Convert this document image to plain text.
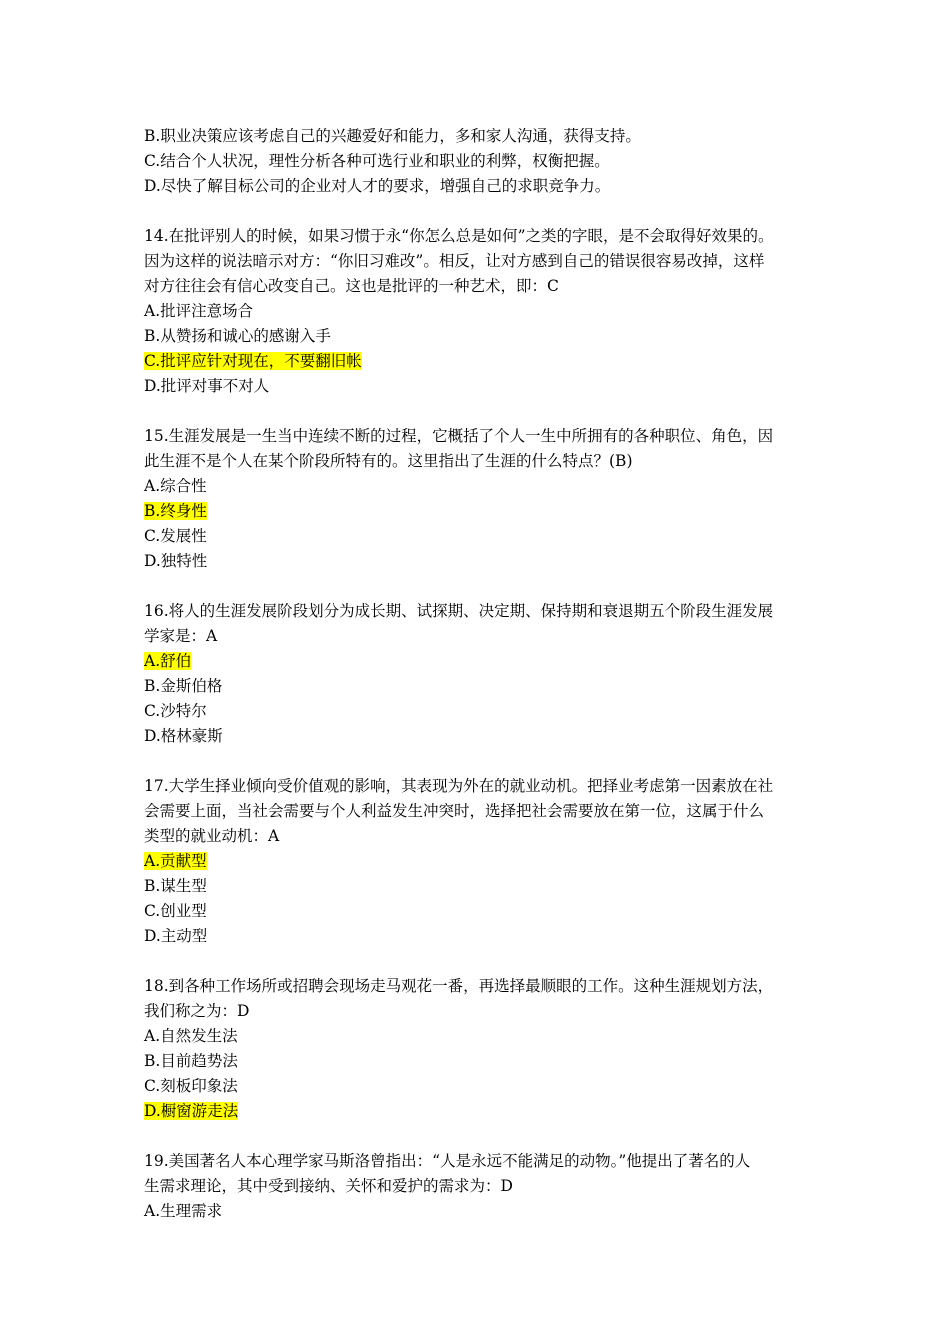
B.职业决策应该考虑自己的兴趣爱好和能力，多和家人沟通，获得支持。
C.结合个人状况，理性分析各种可选行业和职业的利弊，权衡把握。
D.尽快了解目标公司的企业对人才的要求，增强自己的求职竞争力。
14.在批评别人的时候，如果习惯于永“你怎么总是如何”之类的字眼，是不会取得好效果的。
因为这样的说法暗示对方：“你旧习难改”。相反，让对方感到自己的错误很容易改掉，这样
对方往往会有信心改变自己。这也是批评的一种艺术，即：C
A.批评注意场合
B.从赞扬和诚心的感谢入手
C.批评应针对现在，不要翻旧帐
D.批评对事不对人
15.生涯发展是一生当中连续不断的过程，它概括了个人一生中所拥有的各种职位、角色，因
此生涯不是个人在某个阶段所特有的。这里指出了生涯的什么特点？(B)
A.综合性
B.终身性
C.发展性
D.独特性
16.将人的生涯发展阶段划分为成长期、试探期、决定期、保持期和衰退期五个阶段生涯发展
学家是：A
A.舒伯
B.金斯伯格
C.沙特尔
D.格林豪斯
17.大学生择业倾向受价值观的影响，其表现为外在的就业动机。把择业考虑第一因素放在社
会需要上面，当社会需要与个人利益发生冲突时，选择把社会需要放在第一位，这属于什么
类型的就业动机：A
A.贡献型
B.谋生型
C.创业型
D.主动型
18.到各种工作场所或招聘会现场走马观花一番，再选择最顺眼的工作。这种生涯规划方法，
我们称之为：D
A.自然发生法
B.目前趋势法
C.刻板印象法
D.橱窗游走法
19.美国著名人本心理学家马斯洛曾指出：“人是永远不能满足的动物。”他提出了著名的人
生需求理论，其中受到接纳、关怀和爱护的需求为：D
A.生理需求
